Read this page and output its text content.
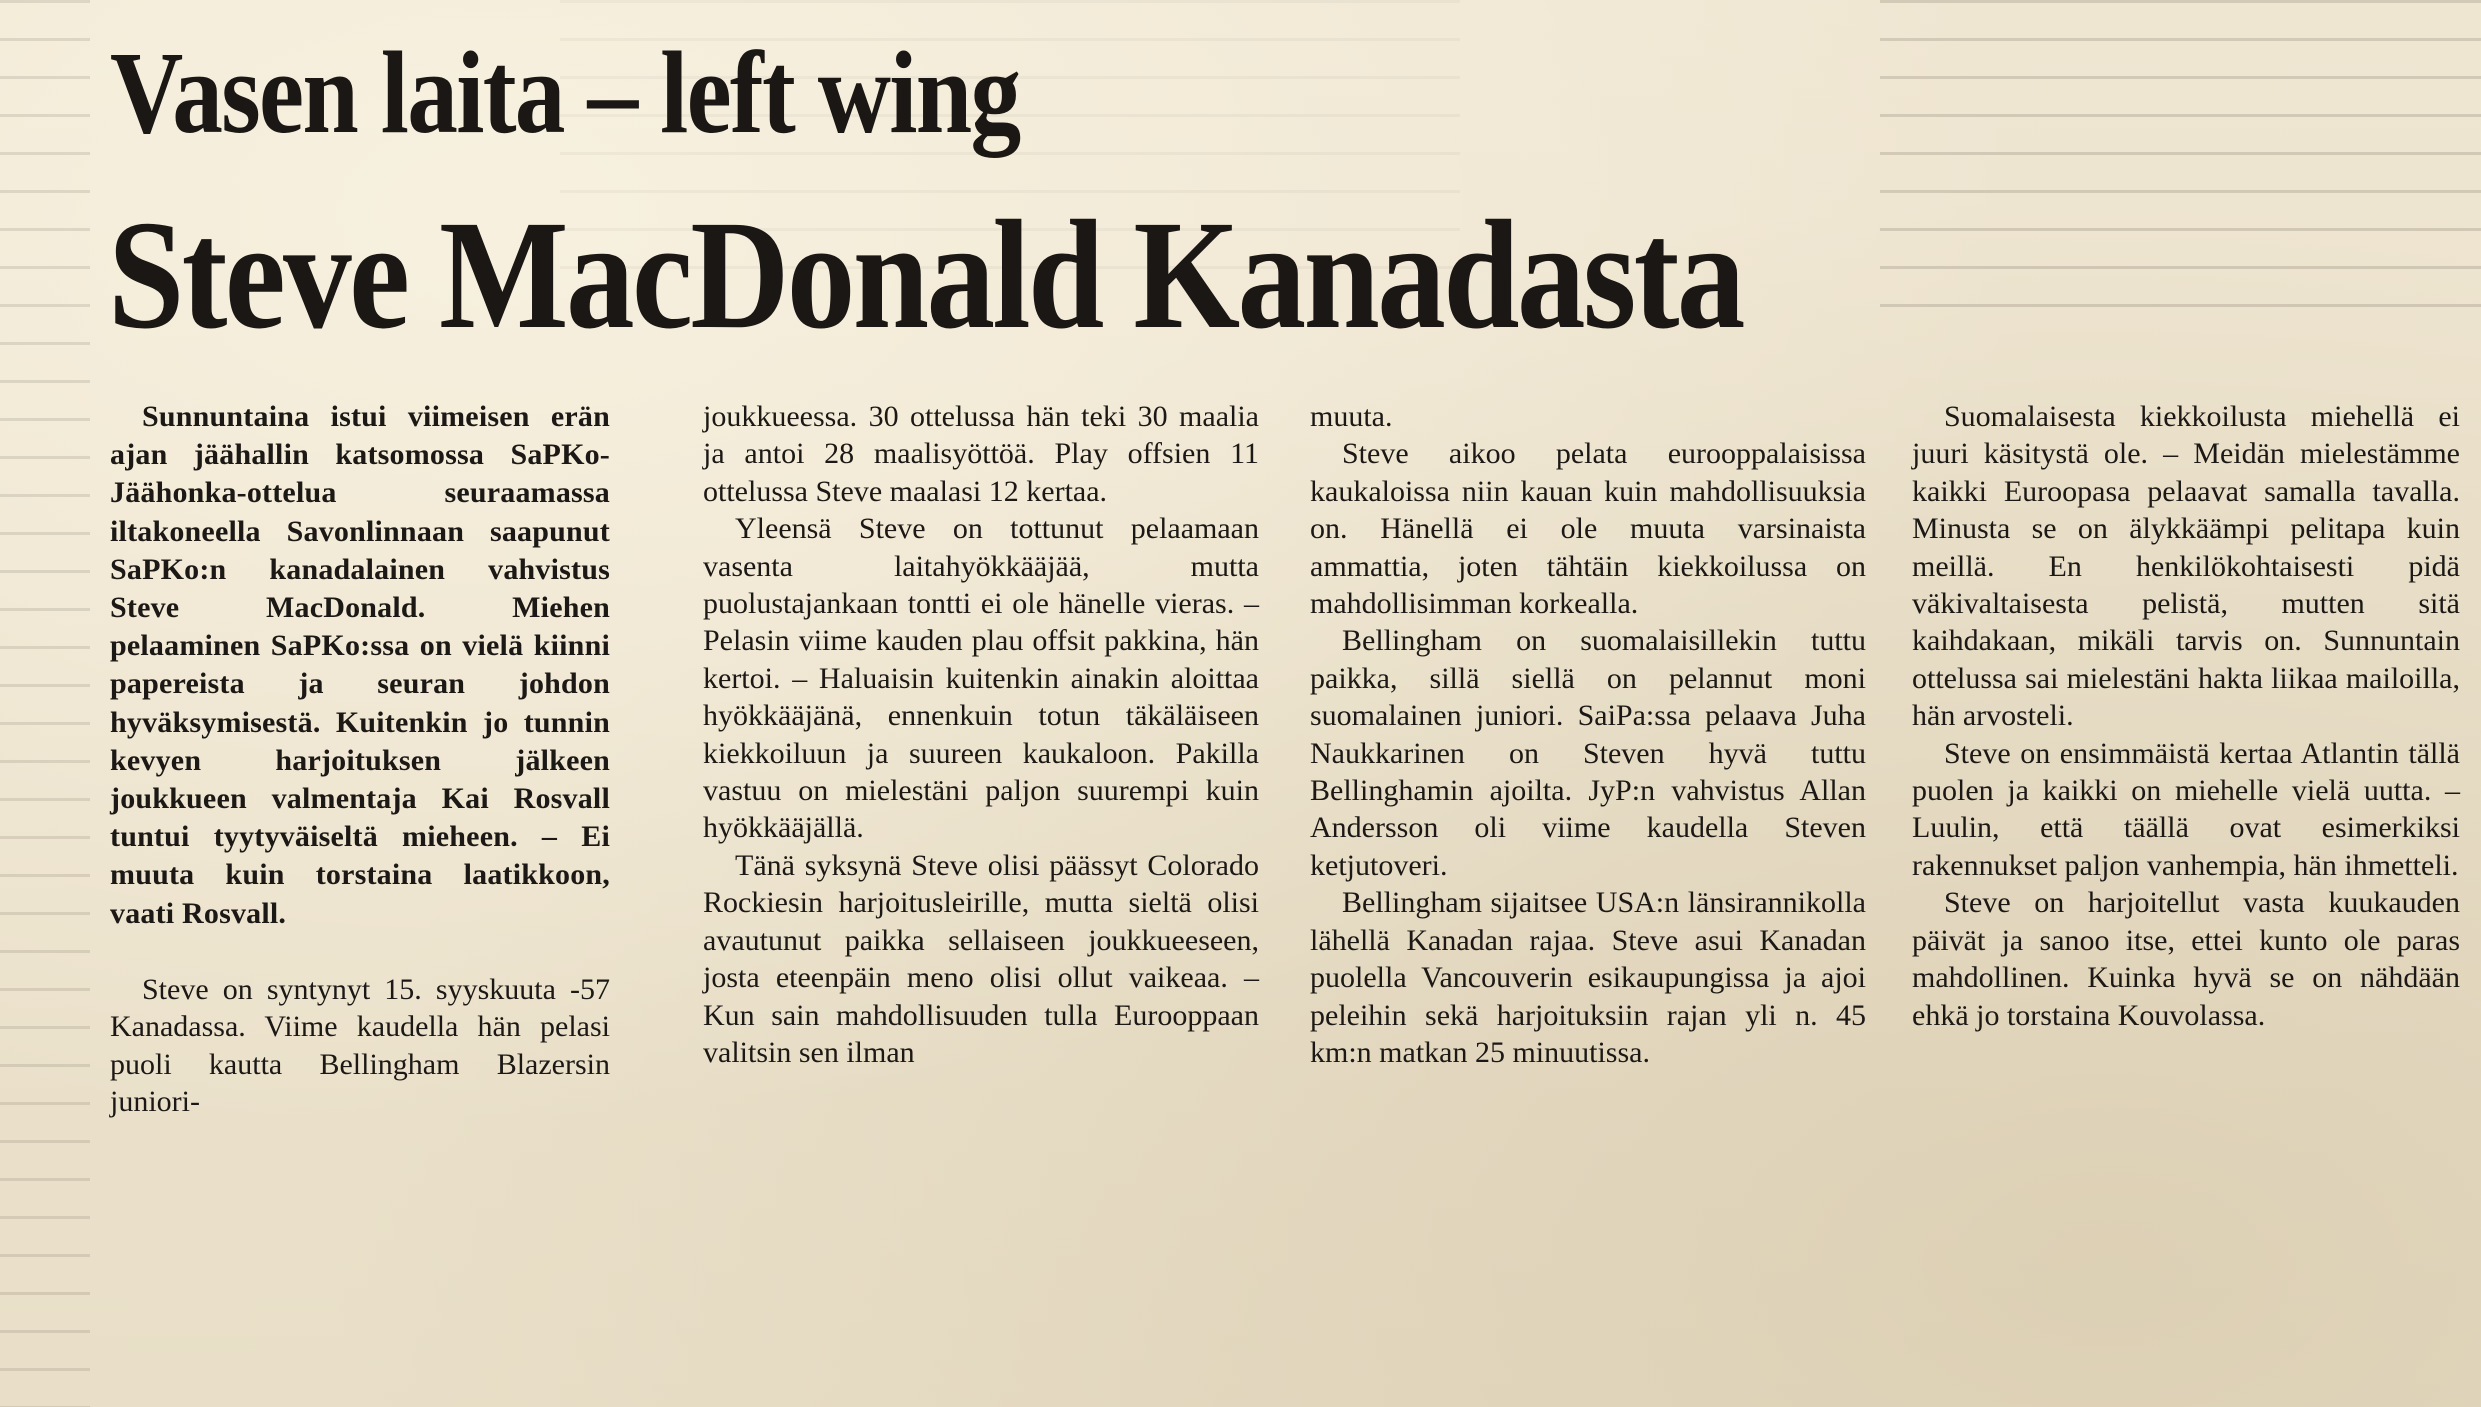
Vasen laita – left wing
Steve MacDonald Kanadasta

Sunnuntaina istui viimeisen erän ajan jäähallin katsomossa SaPKo-Jäähonka-ottelua seuraamassa iltakoneella Savonlinnaan saapunut SaPKo:n kanadalainen vahvistus Steve MacDonald. Miehen pelaaminen SaPKo:ssa on vielä kiinni papereista ja seuran johdon hyväksymisestä. Kuitenkin jo tunnin kevyen harjoituksen jälkeen joukkueen valmentaja Kai Rosvall tuntui tyytyväiseltä mieheen. – Ei muuta kuin torstaina laatikkoon, vaati Rosvall.

Steve on syntynyt 15. syyskuuta -57 Kanadassa. Viime kaudella hän pelasi puoli kautta Bellingham Blazersin juniori-

joukkueessa. 30 ottelussa hän teki 30 maalia ja antoi 28 maalisyöttöä. Play offsien 11 ottelussa Steve maalasi 12 kertaa.

Yleensä Steve on tottunut pelaamaan vasenta laitahyökkääjää, mutta puolustajankaan tontti ei ole hänelle vieras. – Pelasin viime kauden plau offsit pakkina, hän kertoi. – Haluaisin kuitenkin ainakin aloittaa hyökkääjänä, ennenkuin totun täkäläiseen kiekkoiluun ja suureen kaukaloon. Pakilla vastuu on mielestäni paljon suurempi kuin hyökkääjällä.

Tänä syksynä Steve olisi päässyt Colorado Rockiesin harjoitusleirille, mutta sieltä olisi avautunut paikka sellaiseen joukkueeseen, josta eteenpäin meno olisi ollut vaikeaa. – Kun sain mahdollisuuden tulla Eurooppaan valitsin sen ilman

muuta.

Steve aikoo pelata eurooppalaisissa kaukaloissa niin kauan kuin mahdollisuuksia on. Hänellä ei ole muuta varsinaista ammattia, joten tähtäin kiekkoilussa on mahdollisimman korkealla.

Bellingham on suomalaisillekin tuttu paikka, sillä siellä on pelannut moni suomalainen juniori. SaiPa:ssa pelaava Juha Naukkarinen on Steven hyvä tuttu Bellinghamin ajoilta. JyP:n vahvistus Allan Andersson oli viime kaudella Steven ketjutoveri.

Bellingham sijaitsee USA:n länsirannikolla lähellä Kanadan rajaa. Steve asui Kanadan puolella Vancouverin esikaupungissa ja ajoi peleihin sekä harjoituksiin rajan yli n. 45 km:n matkan 25 minuutissa.

Suomalaisesta kiekkoilusta miehellä ei juuri käsitystä ole. – Meidän mielestämme kaikki Euroopasa pelaavat samalla tavalla. Minusta se on älykkäämpi pelitapa kuin meillä. En henkilökohtaisesti pidä väkivaltaisesta pelistä, mutten sitä kaihdakaan, mikäli tarvis on. Sunnuntain ottelussa sai mielestäni hakta liikaa mailoilla, hän arvosteli.

Steve on ensimmäistä kertaa Atlantin tällä puolen ja kaikki on miehelle vielä uutta. – Luulin, että täällä ovat esimerkiksi rakennukset paljon vanhempia, hän ihmetteli.

Steve on harjoitellut vasta kuukauden päivät ja sanoo itse, ettei kunto ole paras mahdollinen. Kuinka hyvä se on nähdään ehkä jo torstaina Kouvolassa.
